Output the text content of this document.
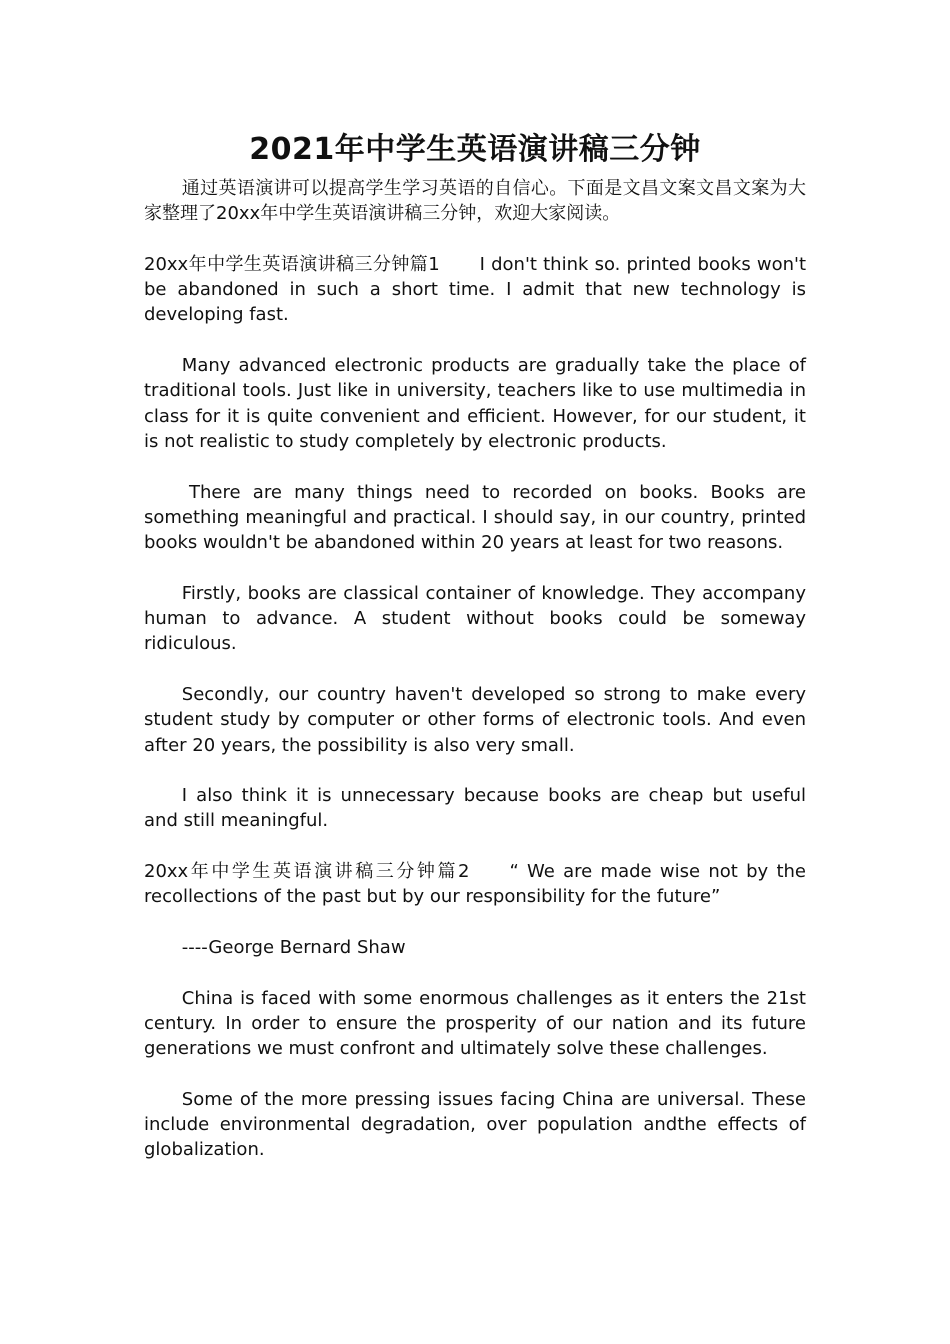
2021年中学生英语演讲稿三分钟

通过英语演讲可以提高学生学习英语的自信心。下面是文昌文案文昌文案为大家整理了20xx年中学生英语演讲稿三分钟，欢迎大家阅读。

20xx年中学生英语演讲稿三分钟篇1 I don't think so. printed books won't be abandoned in such a short time. I admit that new technology is developing fast.

Many advanced electronic products are gradually take the place of traditional tools. Just like in university, teachers like to use multimedia in class for it is quite convenient and efficient. However, for our student, it is not realistic to study completely by electronic products.

There are many things need to recorded on books. Books are something meaningful and practical. I should say, in our country, printed books wouldn't be abandoned within 20 years at least for two reasons.

Firstly, books are classical container of knowledge. They accompany human to advance. A student without books could be someway ridiculous.

Secondly, our country haven't developed so strong to make every student study by computer or other forms of electronic tools. And even after 20 years, the possibility is also very small.

I also think it is unnecessary because books are cheap but useful and still meaningful.

20xx年中学生英语演讲稿三分钟篇2 “ We are made wise not by the recollections of the past but by our responsibility for the future”

----George Bernard Shaw

China is faced with some enormous challenges as it enters the 21st century. In order to ensure the prosperity of our nation and its future generations we must confront and ultimately solve these challenges.

Some of the more pressing issues facing China are universal. These include environmental degradation, over population andthe effects of globalization.
